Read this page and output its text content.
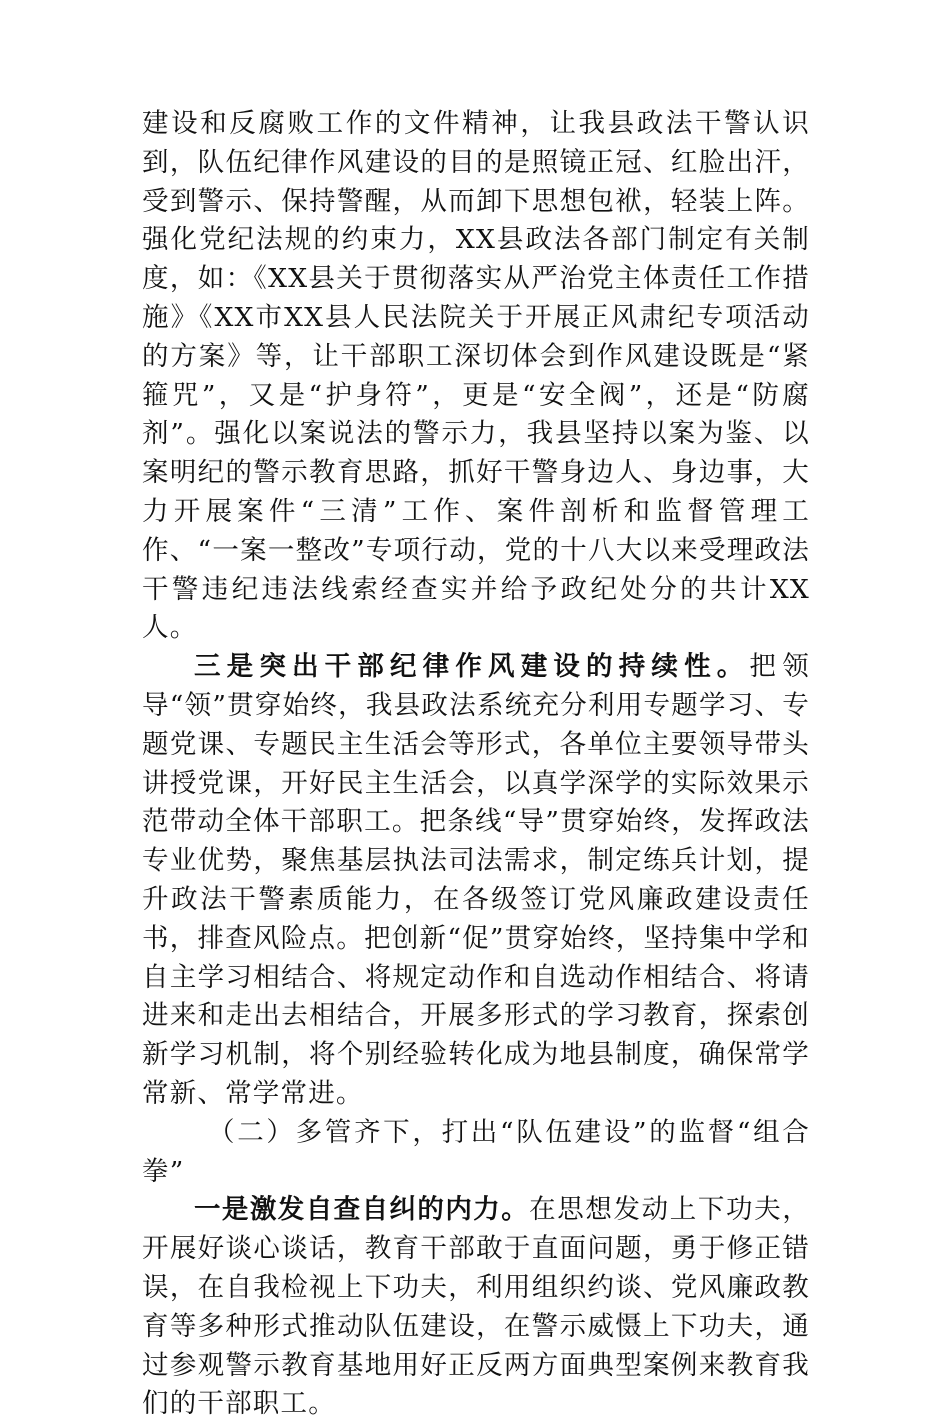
建设和反腐败工作的文件精神，让我县政法干警认识到，队伍纪律作风建设的目的是照镜正冠、红脸出汗，受到警示、保持警醒，从而卸下思想包袱，轻装上阵。强化党纪法规的约束力，XX县政法各部门制定有关制度，如：《XX县关于贯彻落实从严治党主体责任工作措施》《XX市XX县人民法院关于开展正风肃纪专项活动的方案》等，让干部职工深切体会到作风建设既是“紧箍咒”，又是“护身符”，更是“安全阀”，还是“防腐剂”。强化以案说法的警示力，我县坚持以案为鉴、以案明纪的警示教育思路，抓好干警身边人、身边事，大力开展案件“三清”工作、案件剖析和监督管理工作、“一案一整改”专项行动，党的十八大以来受理政法干警违纪违法线索经查实并给予政纪处分的共计XX人。

三是突出干部纪律作风建设的持续性。把领导“领”贯穿始终，我县政法系统充分利用专题学习、专题党课、专题民主生活会等形式，各单位主要领导带头讲授党课，开好民主生活会，以真学深学的实际效果示范带动全体干部职工。把条线“导”贯穿始终，发挥政法专业优势，聚焦基层执法司法需求，制定练兵计划，提升政法干警素质能力，在各级签订党风廉政建设责任书，排查风险点。把创新“促”贯穿始终，坚持集中学和自主学习相结合、将规定动作和自选动作相结合、将请进来和走出去相结合，开展多形式的学习教育，探索创新学习机制，将个别经验转化成为地县制度，确保常学常新、常学常进。

（二）多管齐下，打出“队伍建设”的监督“组合拳”

一是激发自查自纠的内力。在思想发动上下功夫，开展好谈心谈话，教育干部敢于直面问题，勇于修正错误，在自我检视上下功夫，利用组织约谈、党风廉政教育等多种形式推动队伍建设，在警示威慑上下功夫，通过参观警示教育基地用好正反两方面典型案例来教育我们的干部职工。
